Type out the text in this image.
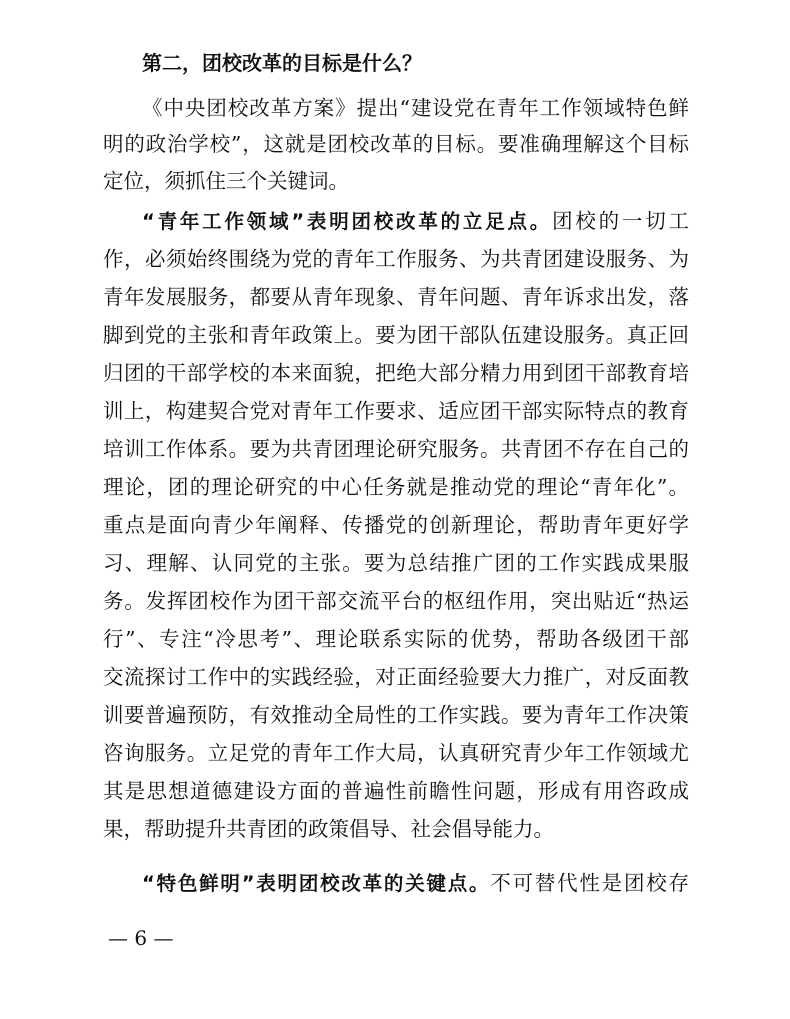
第二，团校改革的目标是什么？
《中央团校改革方案》提出“建设党在青年工作领域特色鲜
明的政治学校”，这就是团校改革的目标。要准确理解这个目标
定位，须抓住三个关键词。
“青年工作领域”表明团校改革的立足点。团校的一切工
作，必须始终围绕为党的青年工作服务、为共青团建设服务、为
青年发展服务，都要从青年现象、青年问题、青年诉求出发，落
脚到党的主张和青年政策上。要为团干部队伍建设服务。真正回
归团的干部学校的本来面貌，把绝大部分精力用到团干部教育培
训上，构建契合党对青年工作要求、适应团干部实际特点的教育
培训工作体系。要为共青团理论研究服务。共青团不存在自己的
理论，团的理论研究的中心任务就是推动党的理论“青年化”。
重点是面向青少年阐释、传播党的创新理论，帮助青年更好学
习、理解、认同党的主张。要为总结推广团的工作实践成果服
务。发挥团校作为团干部交流平台的枢纽作用，突出贴近“热运
行”、专注“冷思考”、理论联系实际的优势，帮助各级团干部
交流探讨工作中的实践经验，对正面经验要大力推广，对反面教
训要普遍预防，有效推动全局性的工作实践。要为青年工作决策
咨询服务。立足党的青年工作大局，认真研究青少年工作领域尤
其是思想道德建设方面的普遍性前瞻性问题，形成有用咨政成
果，帮助提升共青团的政策倡导、社会倡导能力。
“特色鲜明”表明团校改革的关键点。不可替代性是团校存
— 6 —
